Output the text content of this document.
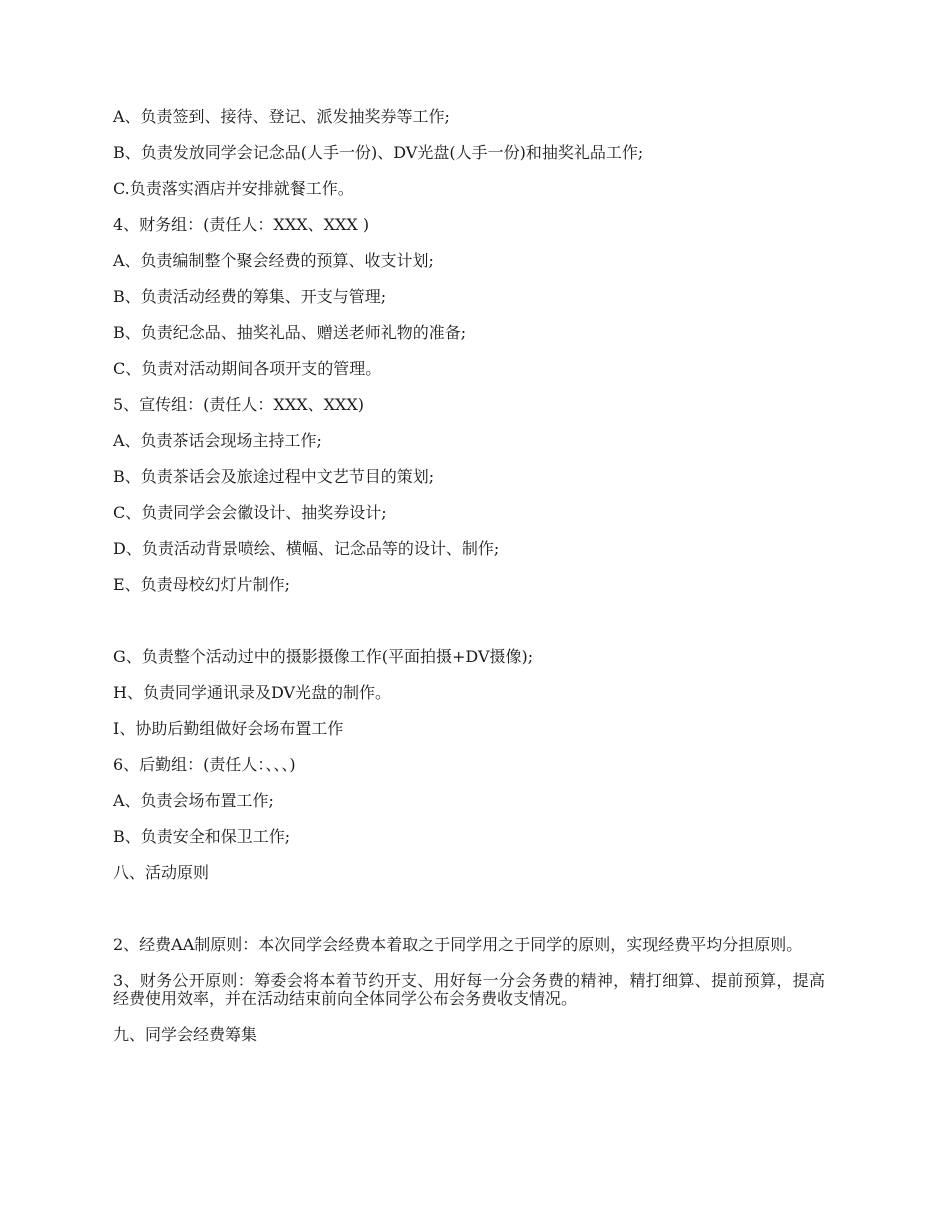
A、负责签到、接待、登记、派发抽奖券等工作;

B、负责发放同学会记念品(人手一份)、DV光盘(人手一份)和抽奖礼品工作;

C.负责落实酒店并安排就餐工作。

4、财务组：(责任人：XXX、XXX )

A、负责编制整个聚会经费的预算、收支计划;

B、负责活动经费的筹集、开支与管理;

B、负责纪念品、抽奖礼品、赠送老师礼物的准备;

C、负责对活动期间各项开支的管理。

5、宣传组：(责任人：XXX、XXX)

A、负责茶话会现场主持工作;

B、负责茶话会及旅途过程中文艺节目的策划;

C、负责同学会会徽设计、抽奖券设计;

D、负责活动背景喷绘、横幅、记念品等的设计、制作;

E、负责母校幻灯片制作;

G、负责整个活动过中的摄影摄像工作(平面拍摄+DV摄像);

H、负责同学通讯录及DV光盘的制作。

I、协助后勤组做好会场布置工作

6、后勤组：(责任人：、、、)

A、负责会场布置工作;

B、负责安全和保卫工作;

八、活动原则

2、经费AA制原则：本次同学会经费本着取之于同学用之于同学的原则，实现经费平均分担原则。

3、财务公开原则：筹委会将本着节约开支、用好每一分会务费的精神，精打细算、提前预算，提高经费使用效率，并在活动结束前向全体同学公布会务费收支情况。

九、同学会经费筹集
